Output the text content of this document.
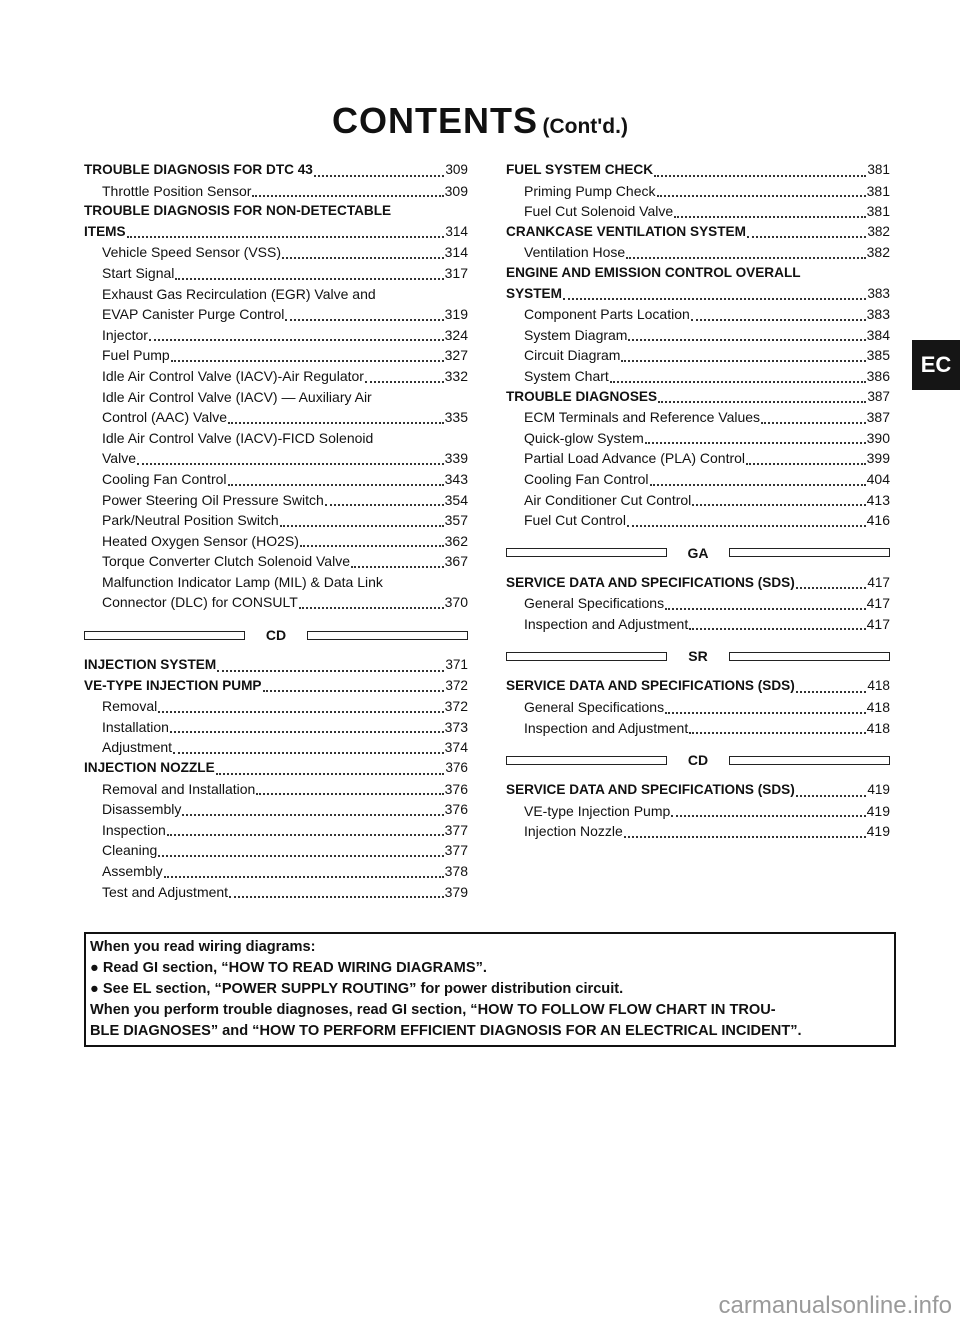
CONTENTS (Cont'd.)
EC
TROUBLE DIAGNOSIS FOR DTC 43	309
Throttle Position Sensor	309
TROUBLE DIAGNOSIS FOR NON-DETECTABLE
ITEMS	314
Vehicle Speed Sensor (VSS)	314
Start Signal	317
Exhaust Gas Recirculation (EGR) Valve and
EVAP Canister Purge Control	319
Injector	324
Fuel Pump	327
Idle Air Control Valve (IACV)-Air Regulator	332
Idle Air Control Valve (IACV) — Auxiliary Air
Control (AAC) Valve	335
Idle Air Control Valve (IACV)-FICD Solenoid
Valve	339
Cooling Fan Control	343
Power Steering Oil Pressure Switch	354
Park/Neutral Position Switch	357
Heated Oxygen Sensor (HO2S)	362
Torque Converter Clutch Solenoid Valve	367
Malfunction Indicator Lamp (MIL) & Data Link
Connector (DLC) for CONSULT	370
CD
INJECTION SYSTEM	371
VE-TYPE INJECTION PUMP	372
Removal	372
Installation	373
Adjustment	374
INJECTION NOZZLE	376
Removal and Installation	376
Disassembly	376
Inspection	377
Cleaning	377
Assembly	378
Test and Adjustment	379
FUEL SYSTEM CHECK	381
Priming Pump Check	381
Fuel Cut Solenoid Valve	381
CRANKCASE VENTILATION SYSTEM	382
Ventilation Hose	382
ENGINE AND EMISSION CONTROL OVERALL
SYSTEM	383
Component Parts Location	383
System Diagram	384
Circuit Diagram	385
System Chart	386
TROUBLE DIAGNOSES	387
ECM Terminals and Reference Values	387
Quick-glow System	390
Partial Load Advance (PLA) Control	399
Cooling Fan Control	404
Air Conditioner Cut Control	413
Fuel Cut Control	416
GA
SERVICE DATA AND SPECIFICATIONS (SDS)	417
General Specifications	417
Inspection and Adjustment	417
SR
SERVICE DATA AND SPECIFICATIONS (SDS)	418
General Specifications	418
Inspection and Adjustment	418
CD
SERVICE DATA AND SPECIFICATIONS (SDS)	419
VE-type Injection Pump	419
Injection Nozzle	419
When you read wiring diagrams:
● Read GI section, “HOW TO READ WIRING DIAGRAMS”.
● See EL section, “POWER SUPPLY ROUTING” for power distribution circuit.
When you perform trouble diagnoses, read GI section, “HOW TO FOLLOW FLOW CHART IN TROU-
BLE DIAGNOSES” and “HOW TO PERFORM EFFICIENT DIAGNOSIS FOR AN ELECTRICAL INCIDENT”.
carmanualsonline.info
